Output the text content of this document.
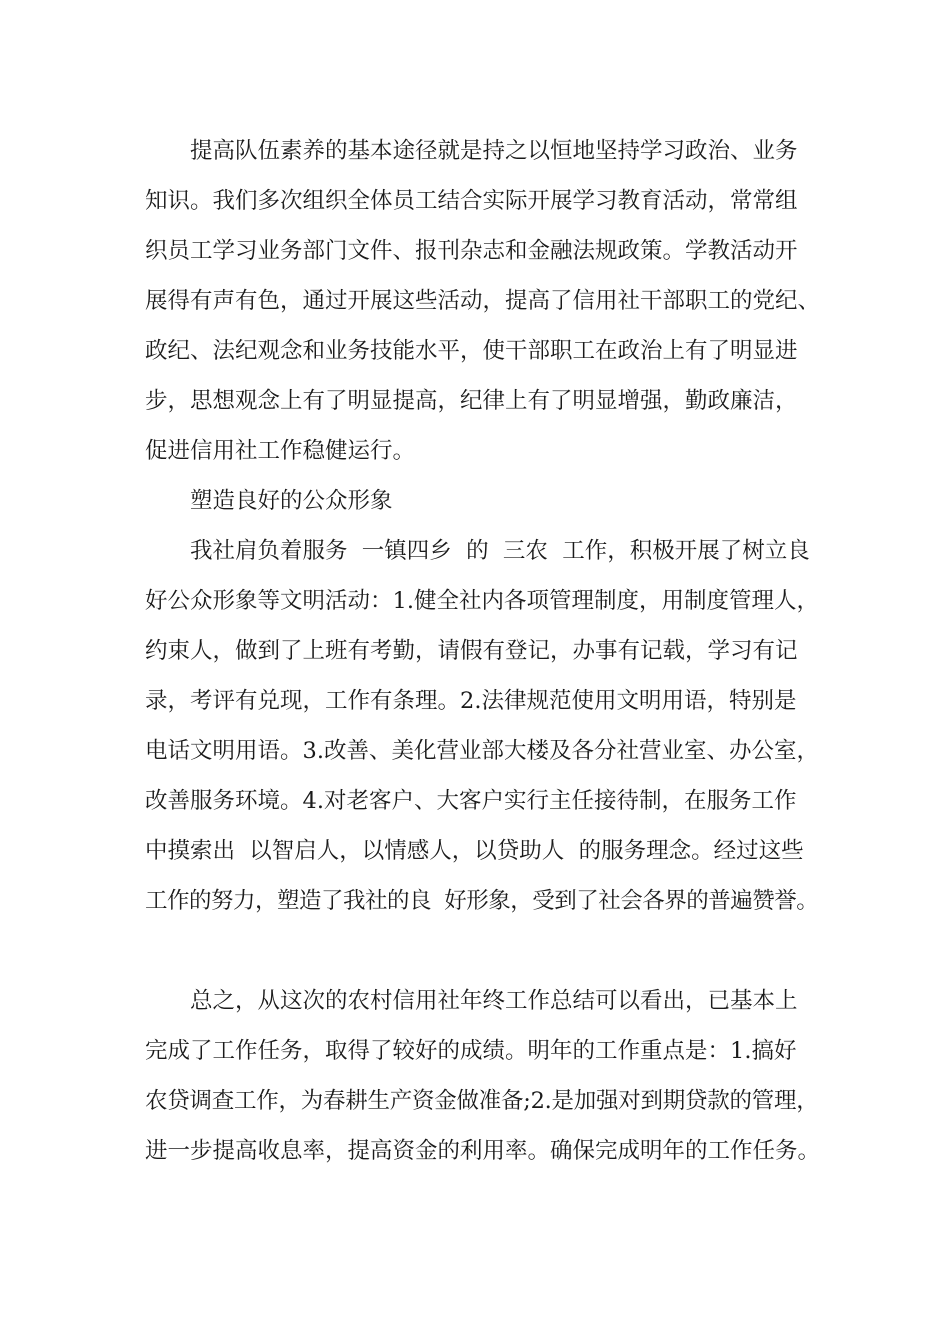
提高队伍素养的基本途径就是持之以恒地坚持学习政治、业务
知识。我们多次组织全体员工结合实际开展学习教育活动，常常组
织员工学习业务部门文件、报刊杂志和金融法规政策。学教活动开
展得有声有色，通过开展这些活动，提高了信用社干部职工的党纪、
政纪、法纪观念和业务技能水平，使干部职工在政治上有了明显进
步，思想观念上有了明显提高，纪律上有了明显增强，勤政廉洁，
促进信用社工作稳健运行。
塑造良好的公众形象
我社肩负着服务  一镇四乡  的  三农  工作，积极开展了树立良
好公众形象等文明活动：1.健全社内各项管理制度，用制度管理人，
约束人，做到了上班有考勤，请假有登记，办事有记载，学习有记
录，考评有兑现，工作有条理。2.法律规范使用文明用语，特别是
电话文明用语。3.改善、美化营业部大楼及各分社营业室、办公室，
改善服务环境。4.对老客户、大客户实行主任接待制，在服务工作
中摸索出  以智启人，以情感人，以贷助人  的服务理念。经过这些
工作的努力，塑造了我社的良  好形象，受到了社会各界的普遍赞誉。
总之，从这次的农村信用社年终工作总结可以看出，已基本上
完成了工作任务，取得了较好的成绩。明年的工作重点是：1.搞好
农贷调查工作，为春耕生产资金做准备;2.是加强对到期贷款的管理，
进一步提高收息率，提高资金的利用率。确保完成明年的工作任务。
